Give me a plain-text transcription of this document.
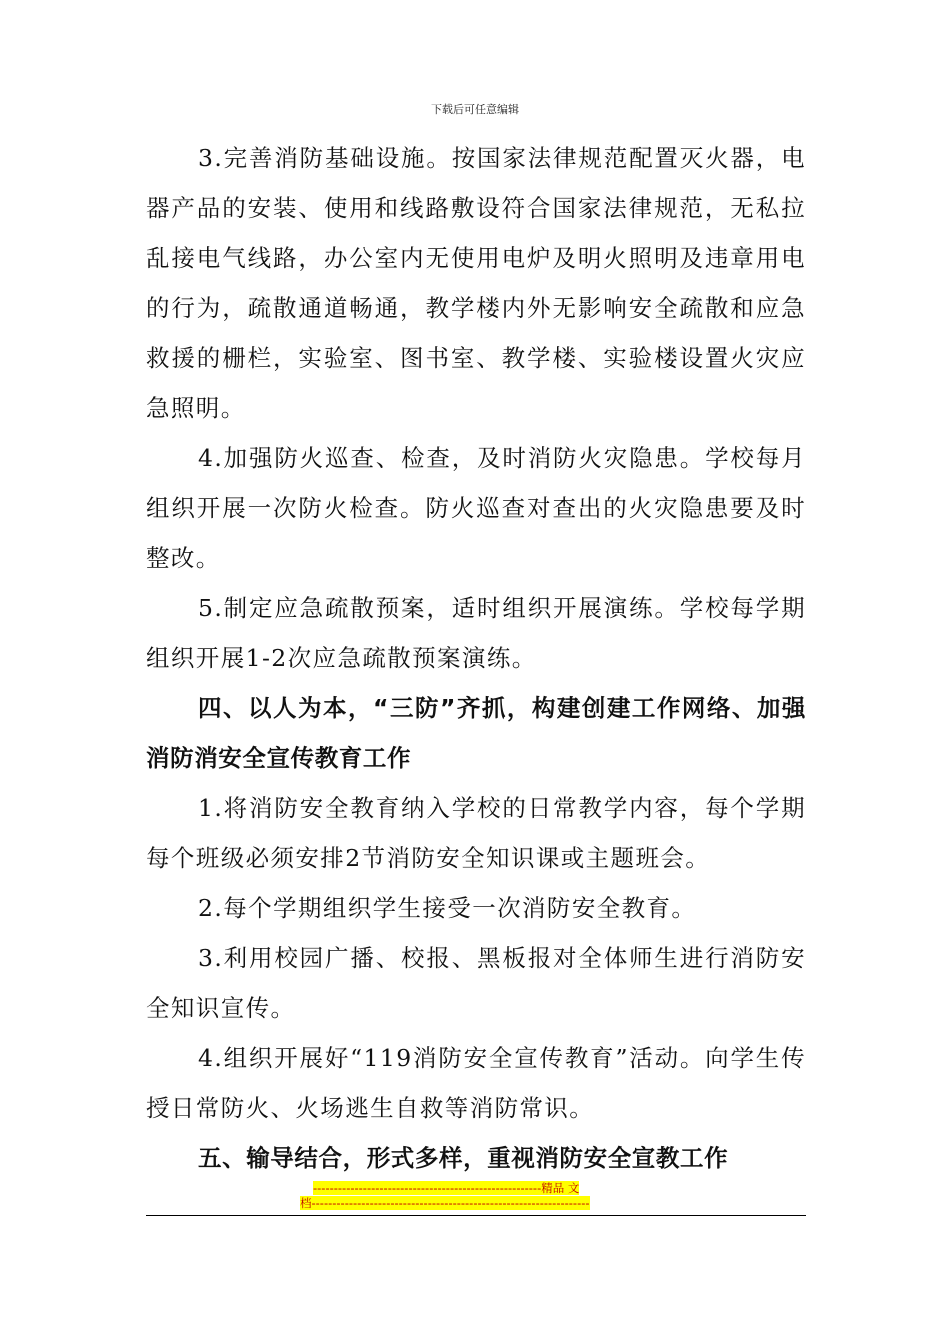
下载后可任意编辑

3.完善消防基础设施。按国家法律规范配置灭火器，电器产品的安装、使用和线路敷设符合国家法律规范，无私拉乱接电气线路，办公室内无使用电炉及明火照明及违章用电的行为，疏散通道畅通，教学楼内外无影响安全疏散和应急救援的栅栏，实验室、图书室、教学楼、实验楼设置火灾应急照明。

4.加强防火巡查、检查，及时消防火灾隐患。学校每月组织开展一次防火检查。防火巡查对查出的火灾隐患要及时整改。

5.制定应急疏散预案，适时组织开展演练。学校每学期组织开展1-2次应急疏散预案演练。

四、以人为本，“三防”齐抓，构建创建工作网络、加强消防消安全宣传教育工作

1.将消防安全教育纳入学校的日常教学内容，每个学期每个班级必须安排2节消防安全知识课或主题班会。

2.每个学期组织学生接受一次消防安全教育。

3.利用校园广播、校报、黑板报对全体师生进行消防安全知识宣传。

4.组织开展好“119消防安全宣传教育”活动。向学生传授日常防火、火场逃生自救等消防常识。

五、输导结合，形式多样，重视消防安全宣教工作

-------------------------------------------------------精品 文
档-------------------------------------------------------------------
